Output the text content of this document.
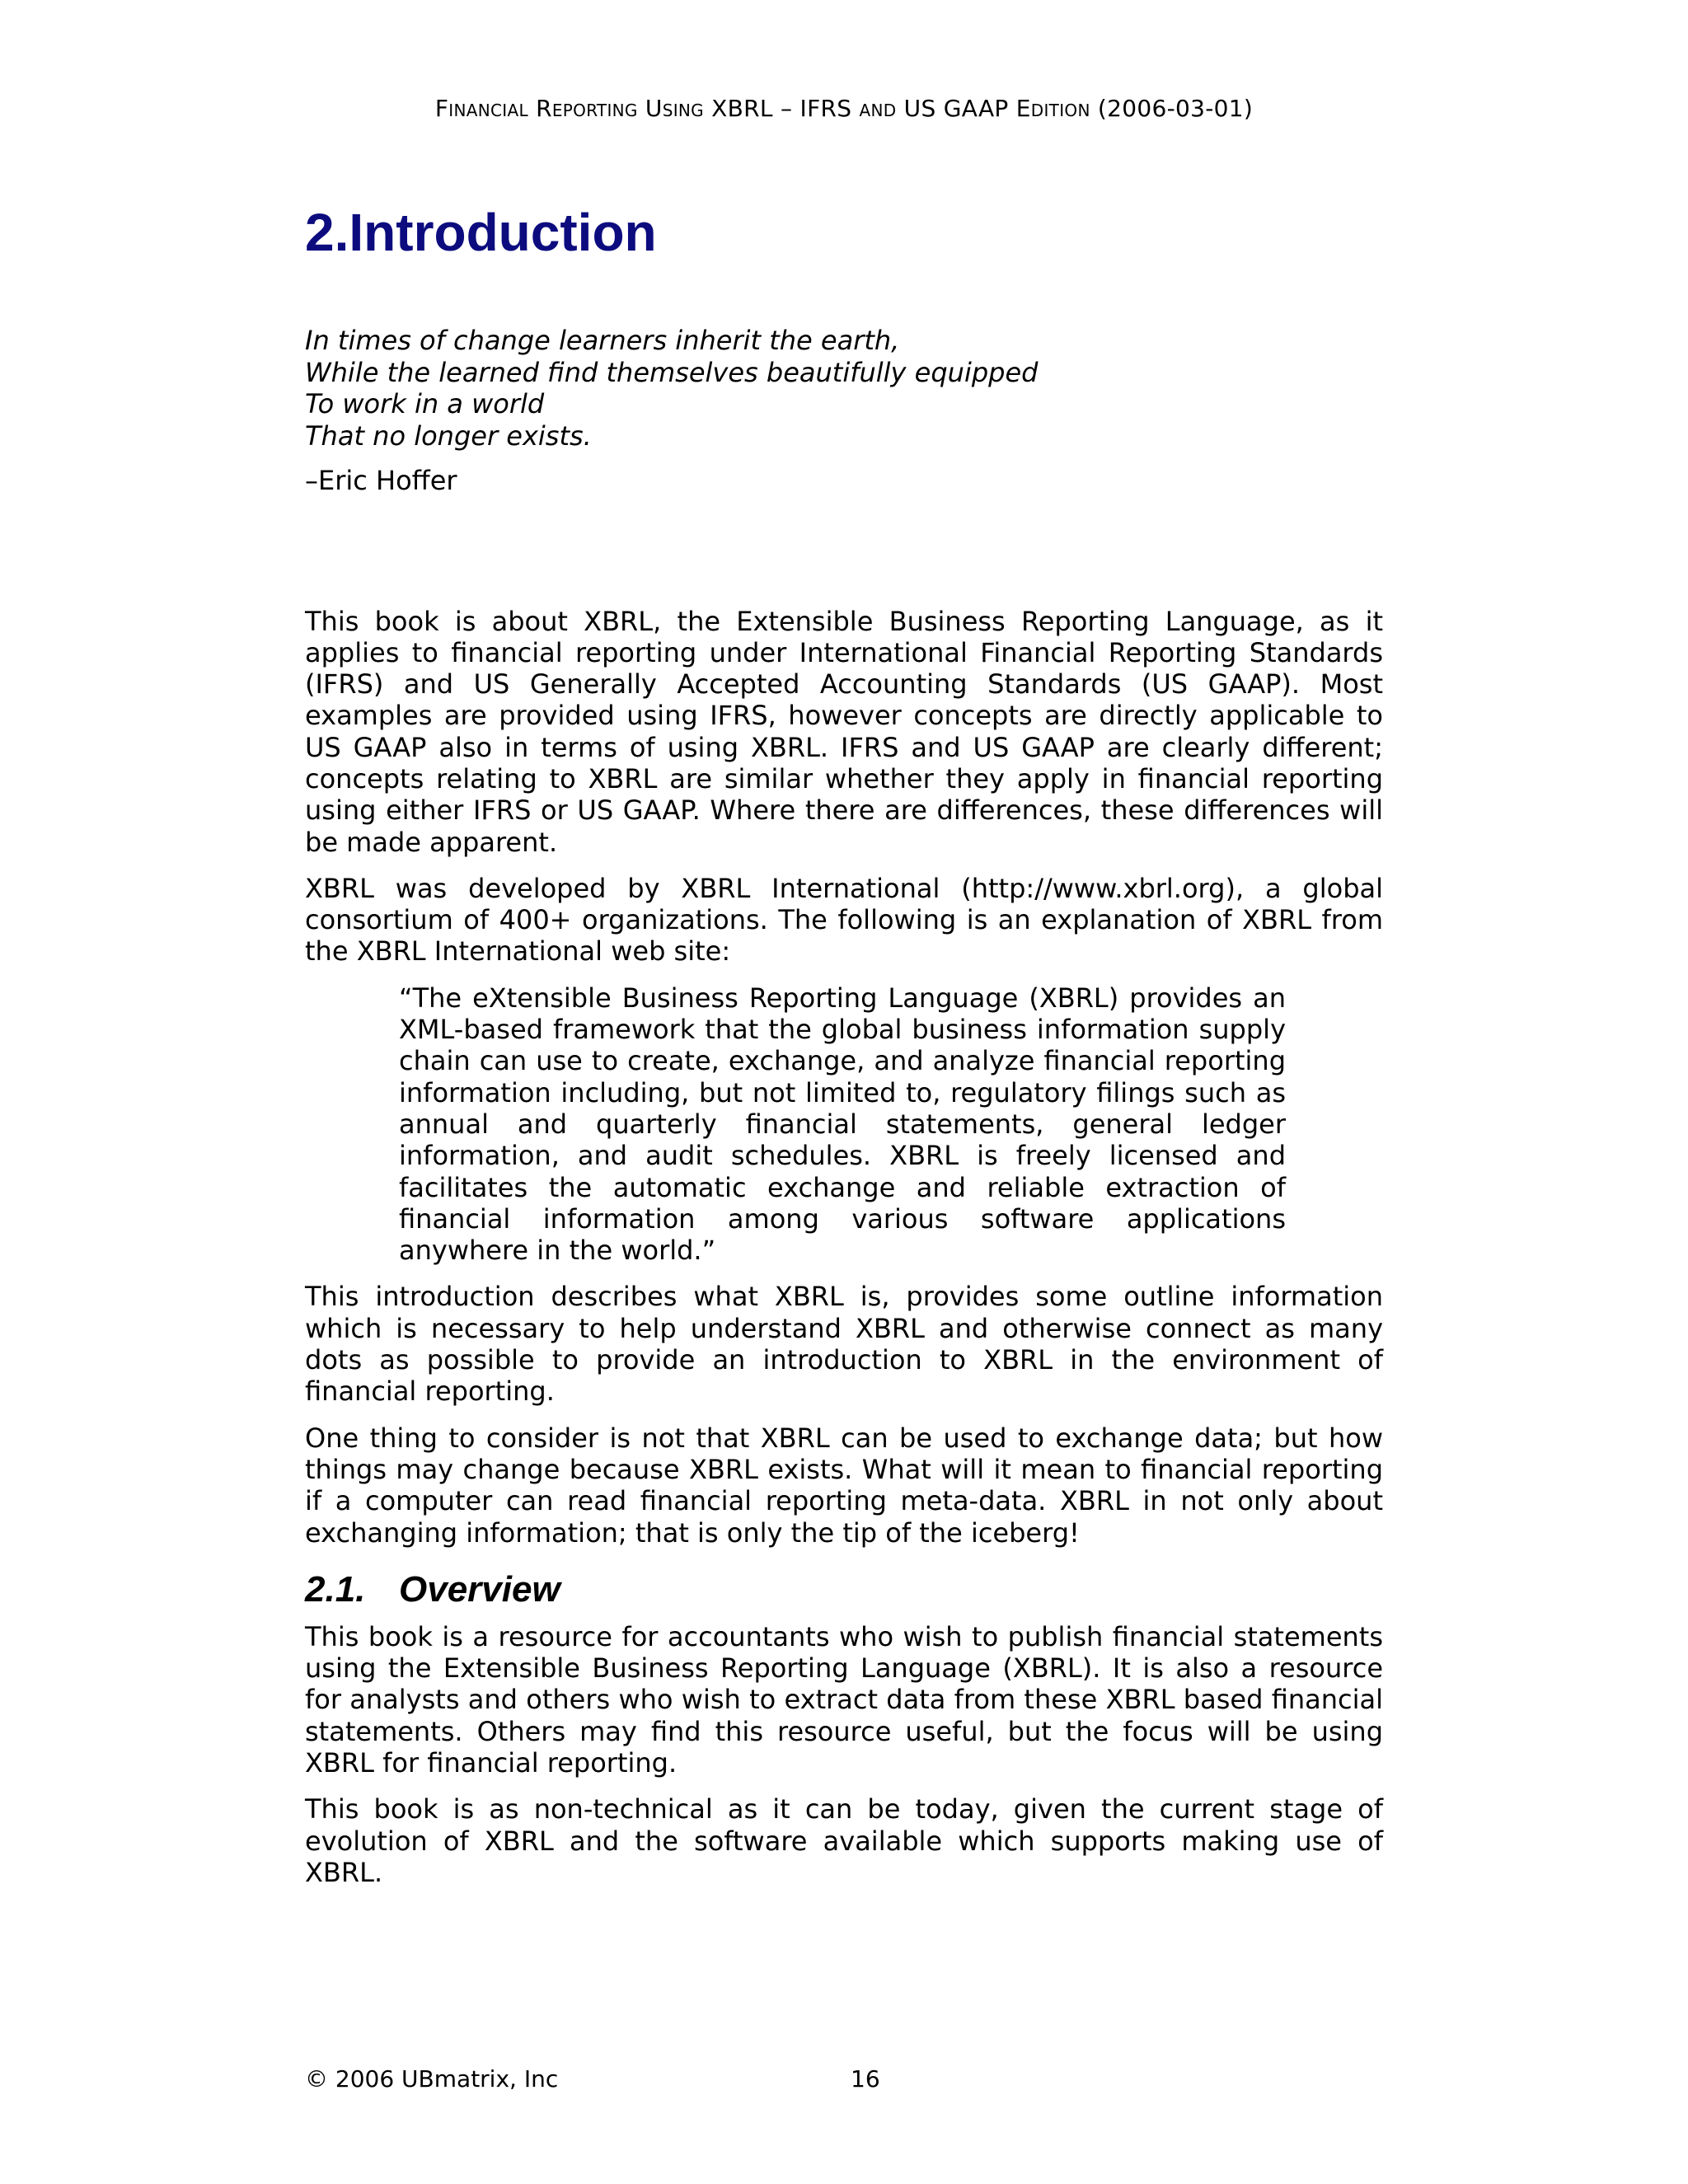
Financial Reporting Using XBRL – IFRS and US GAAP Edition (2006-03-01)
2.Introduction
In times of change learners inherit the earth,
While the learned find themselves beautifully equipped
To work in a world
That no longer exists.
–Eric Hoffer

This book is about XBRL, the Extensible Business Reporting Language, as it applies to financial reporting under International Financial Reporting Standards (IFRS) and US Generally Accepted Accounting Standards (US GAAP). Most examples are provided using IFRS, however concepts are directly applicable to US GAAP also in terms of using XBRL. IFRS and US GAAP are clearly different; concepts relating to XBRL are similar whether they apply in financial reporting using either IFRS or US GAAP. Where there are differences, these differences will be made apparent.

XBRL was developed by XBRL International (http://www.xbrl.org), a global consortium of 400+ organizations. The following is an explanation of XBRL from the XBRL International web site:

“The eXtensible Business Reporting Language (XBRL) provides an XML-based framework that the global business information supply chain can use to create, exchange, and analyze financial reporting information including, but not limited to, regulatory filings such as annual and quarterly financial statements, general ledger information, and audit schedules. XBRL is freely licensed and facilitates the automatic exchange and reliable extraction of financial information among various software applications anywhere in the world.”

This introduction describes what XBRL is, provides some outline information which is necessary to help understand XBRL and otherwise connect as many dots as possible to provide an introduction to XBRL in the environment of financial reporting.

One thing to consider is not that XBRL can be used to exchange data; but how things may change because XBRL exists. What will it mean to financial reporting if a computer can read financial reporting meta-data. XBRL in not only about exchanging information; that is only the tip of the iceberg!

2.1. Overview

This book is a resource for accountants who wish to publish financial statements using the Extensible Business Reporting Language (XBRL). It is also a resource for analysts and others who wish to extract data from these XBRL based financial statements. Others may find this resource useful, but the focus will be using XBRL for financial reporting.

This book is as non-technical as it can be today, given the current stage of evolution of XBRL and the software available which supports making use of XBRL.

© 2006 UBmatrix, Inc	16
